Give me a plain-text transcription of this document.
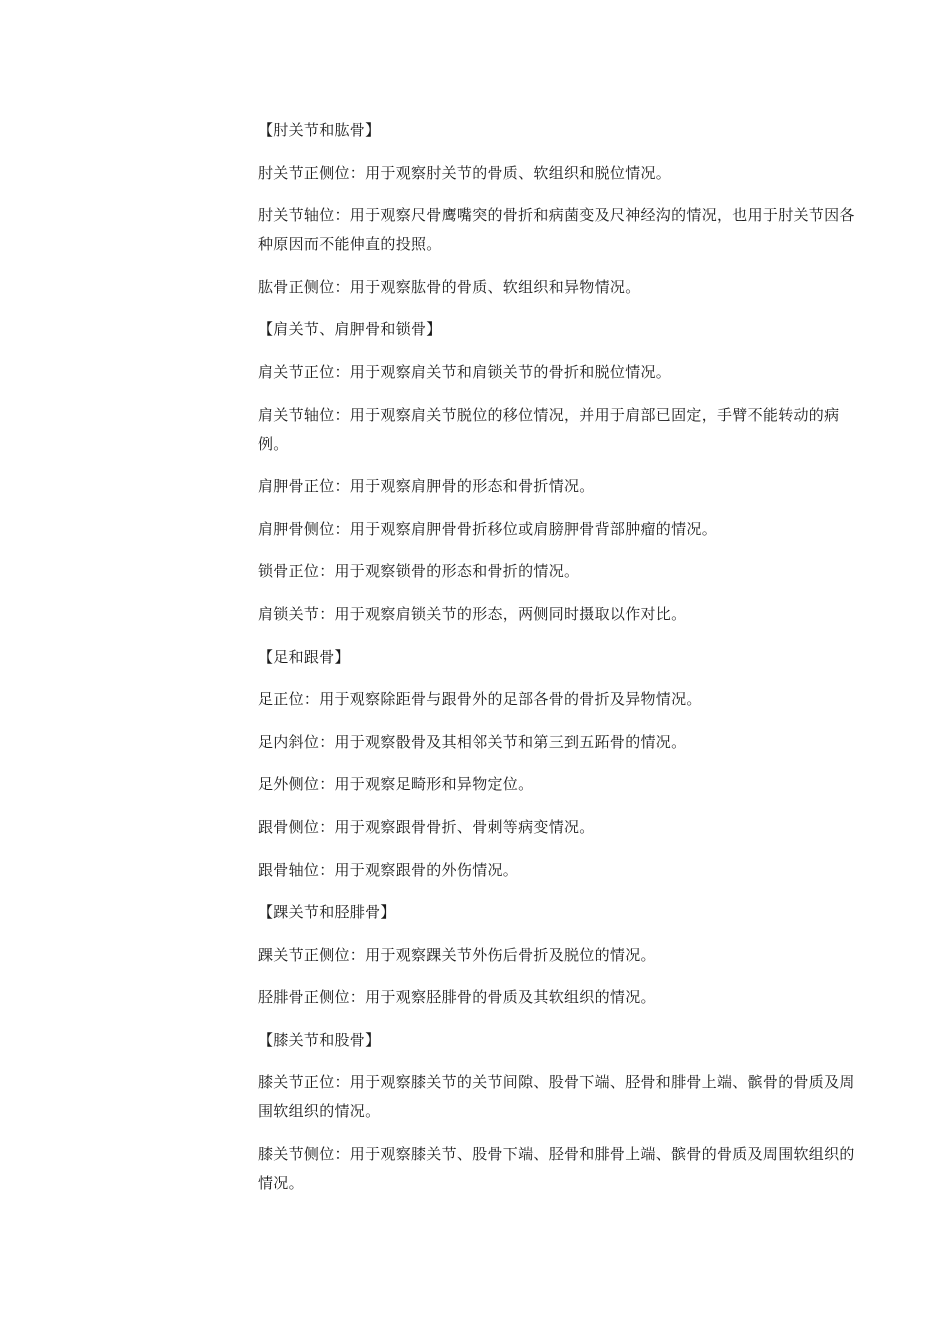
【肘关节和肱骨】

肘关节正侧位：用于观察肘关节的骨质、软组织和脱位情况。

肘关节轴位：用于观察尺骨鹰嘴突的骨折和病菌变及尺神经沟的情况，也用于肘关节因各种原因而不能伸直的投照。

肱骨正侧位：用于观察肱骨的骨质、软组织和异物情况。

【肩关节、肩胛骨和锁骨】

肩关节正位：用于观察肩关节和肩锁关节的骨折和脱位情况。

肩关节轴位：用于观察肩关节脱位的移位情况，并用于肩部已固定，手臂不能转动的病例。

肩胛骨正位：用于观察肩胛骨的形态和骨折情况。

肩胛骨侧位：用于观察肩胛骨骨折移位或肩膀胛骨背部肿瘤的情况。

锁骨正位：用于观察锁骨的形态和骨折的情况。

肩锁关节：用于观察肩锁关节的形态，两侧同时摄取以作对比。

【足和跟骨】

足正位：用于观察除距骨与跟骨外的足部各骨的骨折及异物情况。

足内斜位：用于观察骰骨及其相邻关节和第三到五跖骨的情况。

足外侧位：用于观察足畸形和异物定位。

跟骨侧位：用于观察跟骨骨折、骨刺等病变情况。

跟骨轴位：用于观察跟骨的外伤情况。

【踝关节和胫腓骨】

踝关节正侧位：用于观察踝关节外伤后骨折及脱位的情况。

胫腓骨正侧位：用于观察胫腓骨的骨质及其软组织的情况。

【膝关节和股骨】

膝关节正位：用于观察膝关节的关节间隙、股骨下端、胫骨和腓骨上端、髌骨的骨质及周围软组织的情况。

膝关节侧位：用于观察膝关节、股骨下端、胫骨和腓骨上端、髌骨的骨质及周围软组织的情况。
